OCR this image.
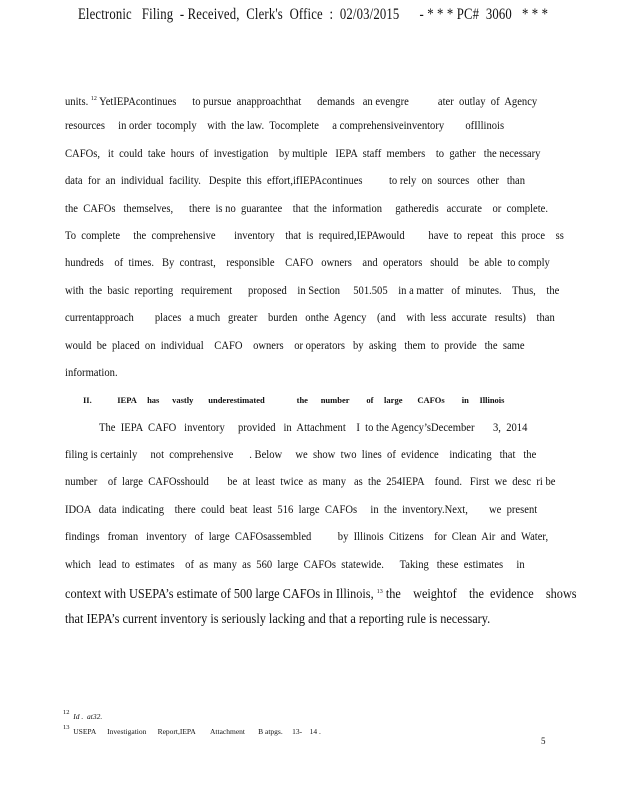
Electronic   Filing  - Received,  Clerk's  Office  :  02/03/2015      - * * * PC#  3060   * * *
units. $^{12}$ YetIEPAcontinues      to pursue  anapproachthat      demands   an evengre           ater  outlay  of  Agency
resources     in order  tocomply    with  the law.  Tocomplete     a comprehensiveinventory        ofIllinois
CAFOs,   it  could  take  hours  of  investigation    by multiple   IEPA  staff  members    to  gather   the necessary
data  for  an  individual  facility.   Despite  this  effort,ifIEPAcontinues          to rely  on  sources   other   than
the  CAFOs   themselves,      there  is no  guarantee    that  the  information     gatheredis   accurate    or  complete.
To  complete     the  comprehensive       inventory    that  is  required,IEPAwould         have  to  repeat   this  proce    ss
hundreds    of  times.   By  contrast,    responsible    CAFO   owners    and  operators   should    be  able  to comply
with  the  basic  reporting   requirement      proposed    in Section     501.505    in a matter   of  minutes.    Thus,    the
currentapproach        places   a much   greater    burden   onthe  Agency    (and    with  less  accurate   results)    than
would  be  placed  on  individual    CAFO    owners    or operators   by  asking   them  to  provide   the  same
information.
II.            IEPA     has      vastly       underestimated               the      number        of     large       CAFOs        in     Illinois
The  IEPA  CAFO   inventory     provided   in  Attachment    I  to the Agency’sDecember       3,  2014
filing is certainly     not  comprehensive      . Below     we  show  two  lines  of  evidence    indicating   that   the
number    of  large  CAFOsshould       be  at  least  twice  as  many   as  the  254IEPA    found.   First  we  desc  ri be
IDOA   data  indicating    there  could  beat  least  516  large  CAFOs     in  the  inventory.Next,        we  present
findings   froman   inventory   of  large  CAFOsassembled          by  Illinois  Citizens    for  Clean  Air  and  Water,
which   lead  to  estimates    of  as  many  as  560  large  CAFOs  statewide.      Taking   these  estimates     in
context with USEPA’s estimate of 500 large CAFOs in Illinois, $^{13}$ the    weightof    the  evidence    shows
that IEPA’s current inventory is seriously lacking and that a reporting rule is necessary.
$^{12}$ Id .  at32.
$^{13}$ USEPA      Investigation      Report,IEPA        Attachment       B atpgs.     13-    14 .
5
